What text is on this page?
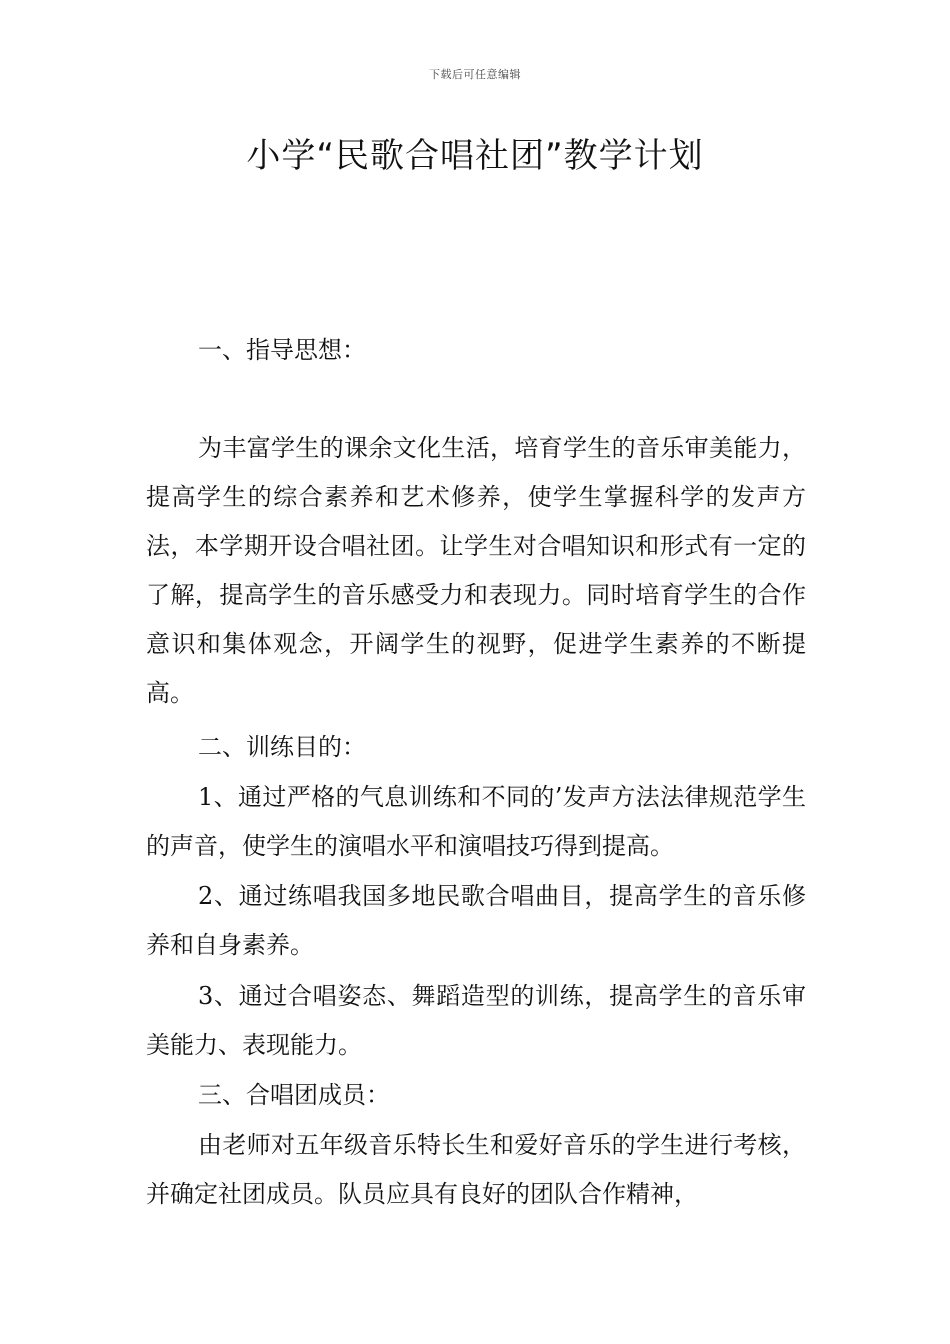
下载后可任意编辑
小学“民歌合唱社团”教学计划

一、指导思想：

为丰富学生的课余文化生活，培育学生的音乐审美能力，提高学生的综合素养和艺术修养，使学生掌握科学的发声方法，本学期开设合唱社团。让学生对合唱知识和形式有一定的了解，提高学生的音乐感受力和表现力。同时培育学生的合作意识和集体观念，开阔学生的视野，促进学生素养的不断提高。

二、训练目的：

1、通过严格的气息训练和不同的’发声方法法律规范学生的声音，使学生的演唱水平和演唱技巧得到提高。

2、通过练唱我国多地民歌合唱曲目，提高学生的音乐修养和自身素养。

3、通过合唱姿态、舞蹈造型的训练，提高学生的音乐审美能力、表现能力。

三、合唱团成员：

由老师对五年级音乐特长生和爱好音乐的学生进行考核，并确定社团成员。队员应具有良好的团队合作精神，
